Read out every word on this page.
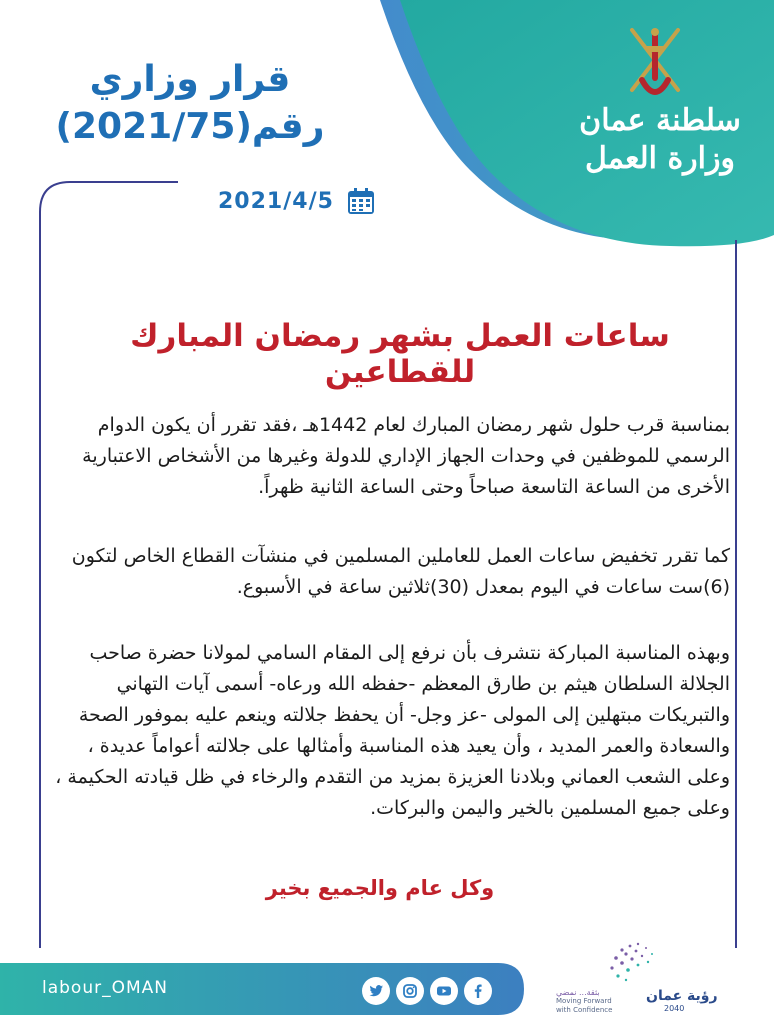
سلطنة عمان
وزارة العمل
قرار وزاري
رقم(2021/75)
2021/4/5
ساعات العمل بشهر رمضان المبارك للقطاعين
بمناسبة قرب حلول شهر رمضان المبارك لعام 1442هـ ،فقد تقرر أن يكون الدوام الرسمي للموظفين في وحدات الجهاز الإداري للدولة وغيرها من الأشخاص الاعتبارية الأخرى من الساعة التاسعة صباحاً وحتى الساعة الثانية ظهراً.
كما تقرر تخفيض ساعات العمل للعاملين المسلمين في منشآت القطاع الخاص لتكون (6)ست ساعات في اليوم بمعدل (30)ثلاثين ساعة في الأسبوع.
وبهذه المناسبة المباركة نتشرف بأن نرفع إلى المقام السامي لمولانا حضرة صاحب الجلالة السلطان هيثم بن طارق المعظم -حفظه الله ورعاه- أسمى آيات التهاني والتبريكات مبتهلين إلى المولى -عز وجل- أن يحفظ جلالته وينعم عليه بموفور الصحة والسعادة والعمر المديد ، وأن يعيد هذه المناسبة وأمثالها على جلالته أعواماً عديدة ، وعلى الشعب العماني وبلادنا العزيزة بمزيد من التقدم والرخاء في ظل قيادته الحكيمة ، وعلى جميع المسلمين بالخير واليمن والبركات.
وكل عام والجميع بخير
labour_OMAN	رؤية عمان
2040
بثقة... نمضي
Moving Forward
with Confidence
